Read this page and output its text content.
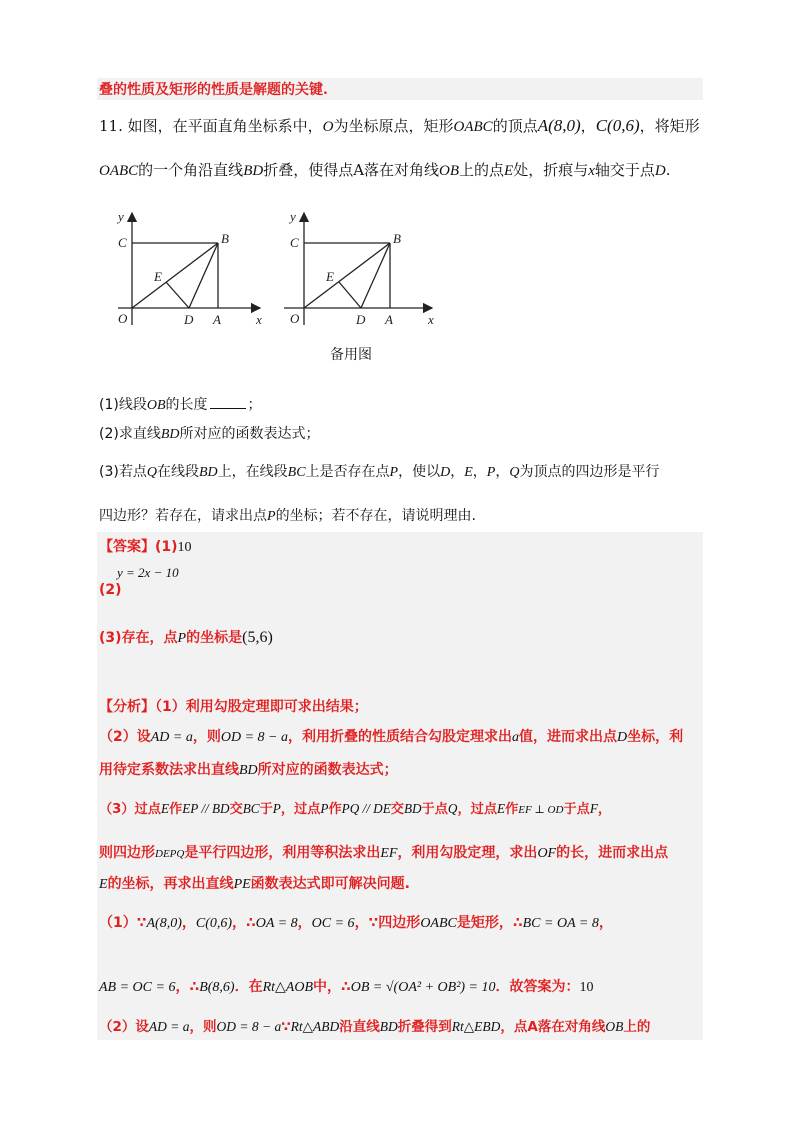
叠的性质及矩形的性质是解题的关键.
11. 如图，在平面直角坐标系中，O为坐标原点，矩形OABC的顶点A(8,0)，C(0,6)，将矩形
OABC的一个角沿直线BD折叠，使得点A落在对角线OB上的点E处，折痕与x轴交于点D.
y
C	B
E
O	D A	x
y
C	B
E
O	D A	x
备用图
(1)线段OB的长度	；
(2)求直线BD所对应的函数表达式；
(3)若点Q在线段BD上，在线段BC上是否存在点P，使以D，E，P，Q为顶点的四边形是平行
四边形？若存在，请求出点P的坐标；若不存在，请说明理由.
【答案】(1)10
y = 2x − 10
(2)
(3)存在，点P的坐标是(5,6)
【分析】（1）利用勾股定理即可求出结果；
（2）设AD = a，则OD = 8 − a，利用折叠的性质结合勾股定理求出a值，进而求出点D坐标，利
用待定系数法求出直线BD所对应的函数表达式；
（3）过点E作EP // BD交BC于P，过点P作PQ // DE交BD于点Q，过点E作EF ⊥ OD于点F，
则四边形DEPQ是平行四边形，利用等积法求出EF，利用勾股定理，求出OF的长，进而求出点
E的坐标，再求出直线PE函数表达式即可解决问题.
（1）∵A(8,0)，C(0,6)，∴OA = 8，OC = 6，∵四边形OABC是矩形，∴BC = OA = 8，
AB = OC = 6，∴B(8,6)．在Rt△AOB中，∴OB = √(OA² + OB²) = 10．故答案为：10
（2）设AD = a，则OD = 8 − a∵Rt△ABD沿直线BD折叠得到Rt△EBD，点A落在对角线OB上的
